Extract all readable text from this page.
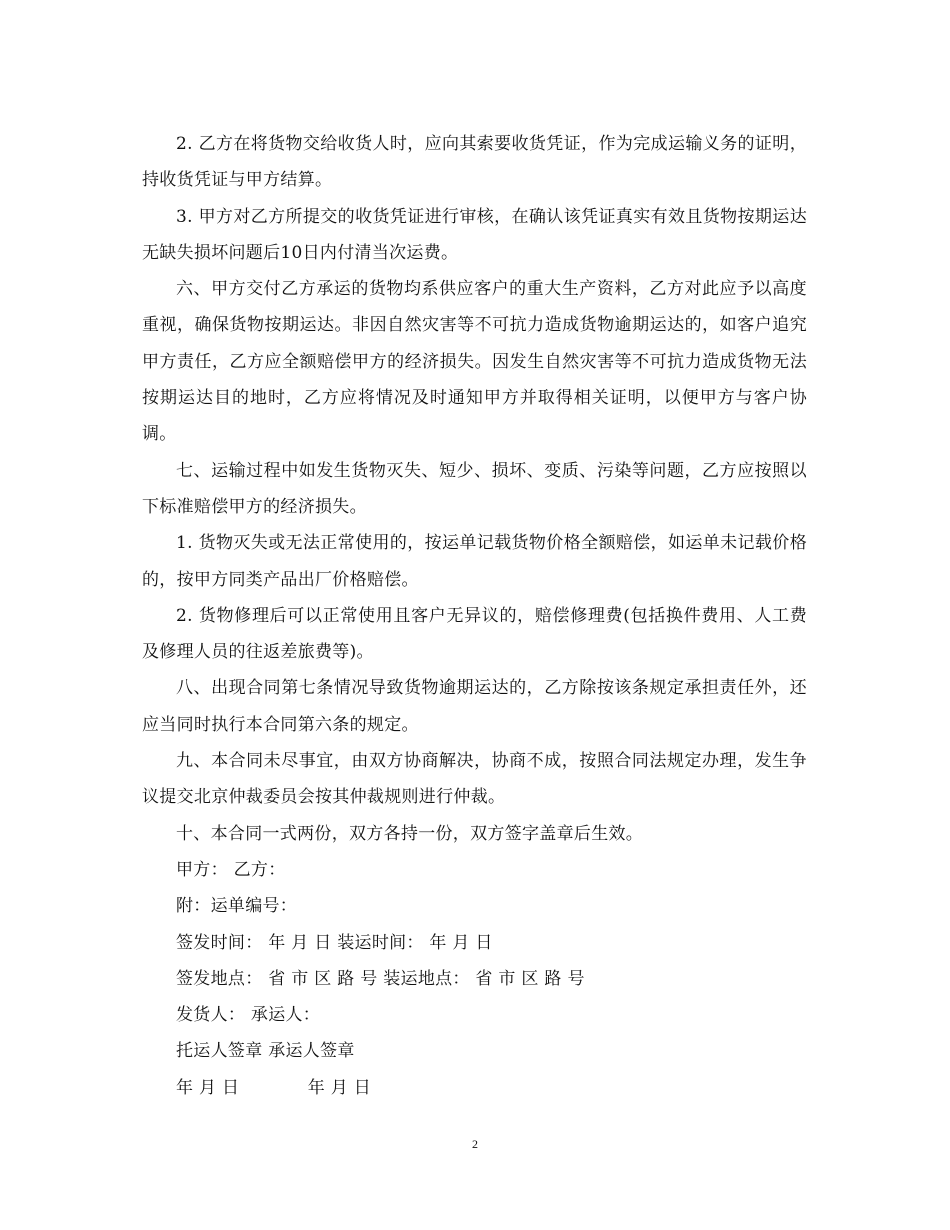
2. 乙方在将货物交给收货人时，应向其索要收货凭证，作为完成运输义务的证明，持收货凭证与甲方结算。

3. 甲方对乙方所提交的收货凭证进行审核，在确认该凭证真实有效且货物按期运达无缺失损坏问题后10日内付清当次运费。

六、甲方交付乙方承运的货物均系供应客户的重大生产资料，乙方对此应予以高度重视，确保货物按期运达。非因自然灾害等不可抗力造成货物逾期运达的，如客户追究甲方责任，乙方应全额赔偿甲方的经济损失。因发生自然灾害等不可抗力造成货物无法按期运达目的地时，乙方应将情况及时通知甲方并取得相关证明，以便甲方与客户协调。

七、运输过程中如发生货物灭失、短少、损坏、变质、污染等问题，乙方应按照以下标准赔偿甲方的经济损失。

1. 货物灭失或无法正常使用的，按运单记载货物价格全额赔偿，如运单未记载价格的，按甲方同类产品出厂价格赔偿。

2. 货物修理后可以正常使用且客户无异议的，赔偿修理费(包括换件费用、人工费及修理人员的往返差旅费等)。

八、出现合同第七条情况导致货物逾期运达的，乙方除按该条规定承担责任外，还应当同时执行本合同第六条的规定。

九、本合同未尽事宜，由双方协商解决，协商不成，按照合同法规定办理，发生争议提交北京仲裁委员会按其仲裁规则进行仲裁。

十、本合同一式两份，双方各持一份，双方签字盖章后生效。

甲方： 乙方：

附：运单编号：

签发时间： 年 月 日 装运时间： 年 月 日

签发地点： 省 市 区 路 号 装运地点： 省 市 区 路 号

发货人： 承运人：

托运人签章 承运人签章

年 月 日            年 月 日

2
